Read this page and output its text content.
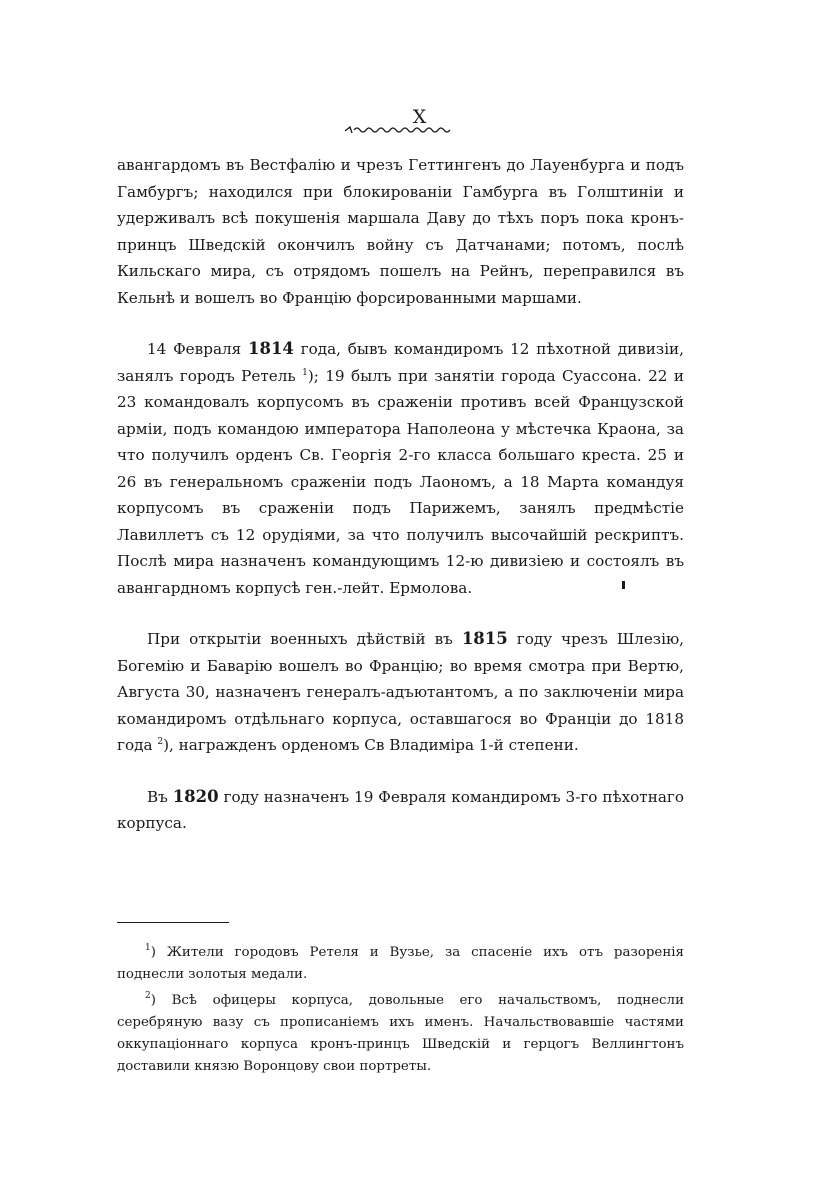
X

авангардомъ въ Вестфалію и чрезъ Геттингенъ до Лауенбурга и подъ Гамбургъ; находился при блокированіи Гамбурга въ Голштиніи и удерживалъ всѣ покушенія маршала Даву до тѣхъ поръ пока кронъ-принцъ Шведскій окончилъ войну съ Датчанами; потомъ, послѣ Кильскаго мира, съ отрядомъ пошелъ на Рейнъ, переправился въ Кельнѣ и вошелъ во Францію форсированными маршами.

14 Февраля 1814 года, бывъ командиромъ 12 пѣхотной дивизіи, занялъ городъ Ретель $^1$); 19 былъ при занятіи города Суассона. 22 и 23 командовалъ корпусомъ въ сраженіи противъ всей Французской арміи, подъ командою императора Наполеона у мѣстечка Краона, за что получилъ орденъ Св. Георгія 2-го класса большаго креста. 25 и 26 въ генеральномъ сраженіи подъ Лаономъ, а 18 Марта командуя корпусомъ въ сраженіи подъ Парижемъ, занялъ предмѣстіе Лавиллетъ съ 12 орудіями, за что получилъ высочайшій рескриптъ. Послѣ мира назначенъ командующимъ 12-ю дивизіею и состоялъ въ авангардномъ корпусѣ ген.-лейт. Ермолова.

При открытіи военныхъ дѣйствій въ 1815 году чрезъ Шлезію, Богемію и Баварію вошелъ во Францію; во время смотра при Вертю, Августа 30, назначенъ генералъ-адъютантомъ, а по заключеніи мира командиромъ отдѣльнаго корпуса, оставшагося во Франціи до 1818 года $^2$), награжденъ орденомъ Св Владиміра 1-й степени.

Въ 1820 году назначенъ 19 Февраля командиромъ 3-го пѣхотнаго корпуса.

$^1$) Жители городовъ Ретеля и Вузье, за спасеніе ихъ отъ разоренія поднесли золотыя медали.

$^2$) Всѣ офицеры корпуса, довольные его начальствомъ, поднесли серебряную вазу съ прописаніемъ ихъ именъ. Начальствовавшіе частями оккупаціоннаго корпуса кронъ-принцъ Шведскій и герцогъ Веллингтонъ доставили князю Воронцову свои портреты.
